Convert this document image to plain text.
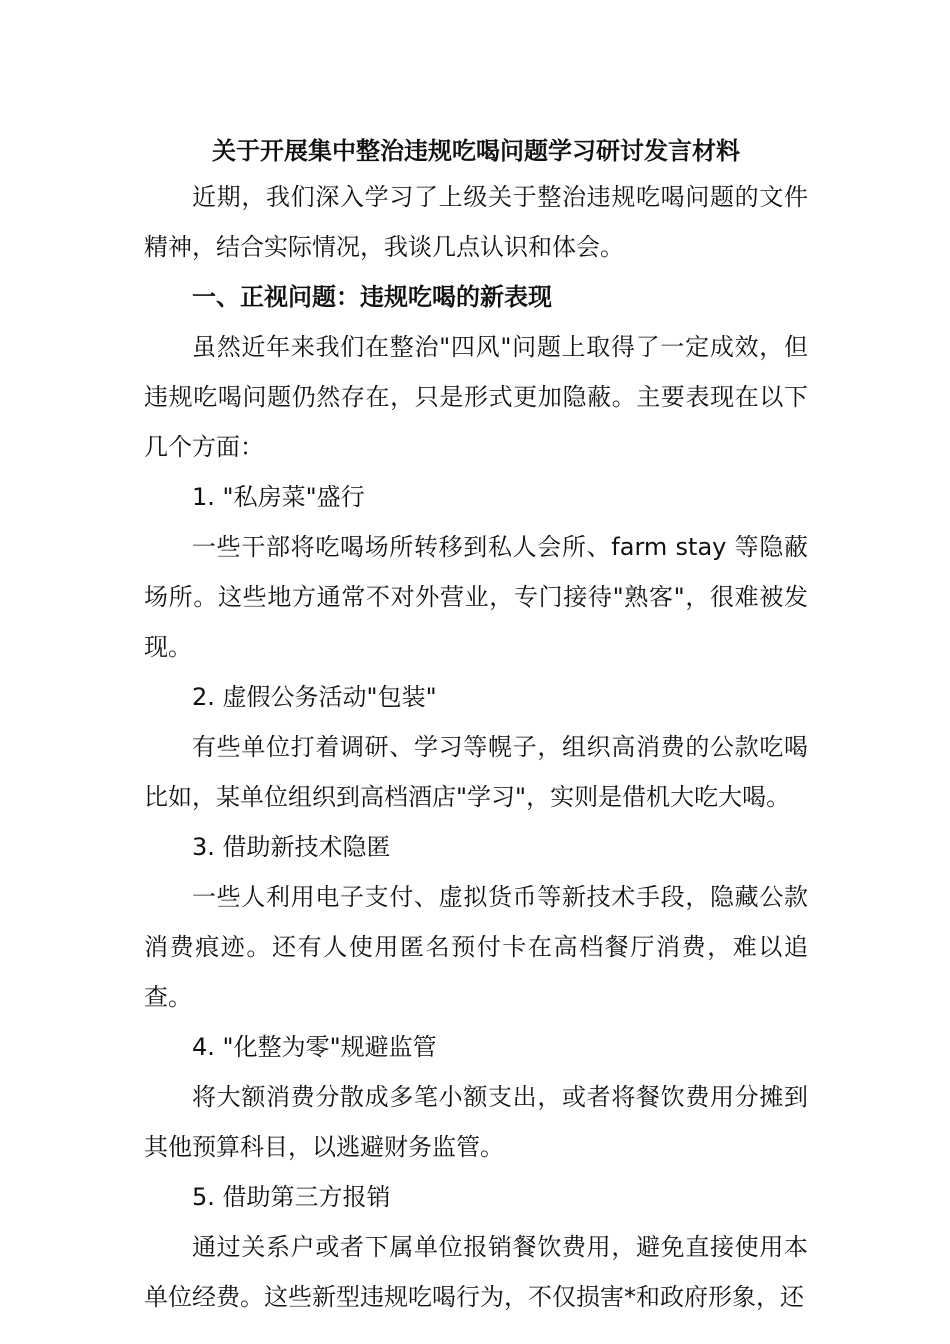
关于开展集中整治违规吃喝问题学习研讨发言材料

近期，我们深入学习了上级关于整治违规吃喝问题的文件精神，结合实际情况，我谈几点认识和体会。

一、正视问题：违规吃喝的新表现

虽然近年来我们在整治"四风"问题上取得了一定成效，但违规吃喝问题仍然存在，只是形式更加隐蔽。主要表现在以下几个方面：

1. "私房菜"盛行

一些干部将吃喝场所转移到私人会所、farm stay 等隐蔽场所。这些地方通常不对外营业，专门接待"熟客"，很难被发现。

2. 虚假公务活动"包装"

有些单位打着调研、学习等幌子，组织高消费的公款吃喝比如，某单位组织到高档酒店"学习"，实则是借机大吃大喝。

3. 借助新技术隐匿

一些人利用电子支付、虚拟货币等新技术手段，隐藏公款消费痕迹。还有人使用匿名预付卡在高档餐厅消费，难以追查。

4. "化整为零"规避监管

将大额消费分散成多笔小额支出，或者将餐饮费用分摊到其他预算科目，以逃避财务监管。

5. 借助第三方报销

通过关系户或者下属单位报销餐饮费用，避免直接使用本单位经费。这些新型违规吃喝行为，不仅损害*和政府形象，还
